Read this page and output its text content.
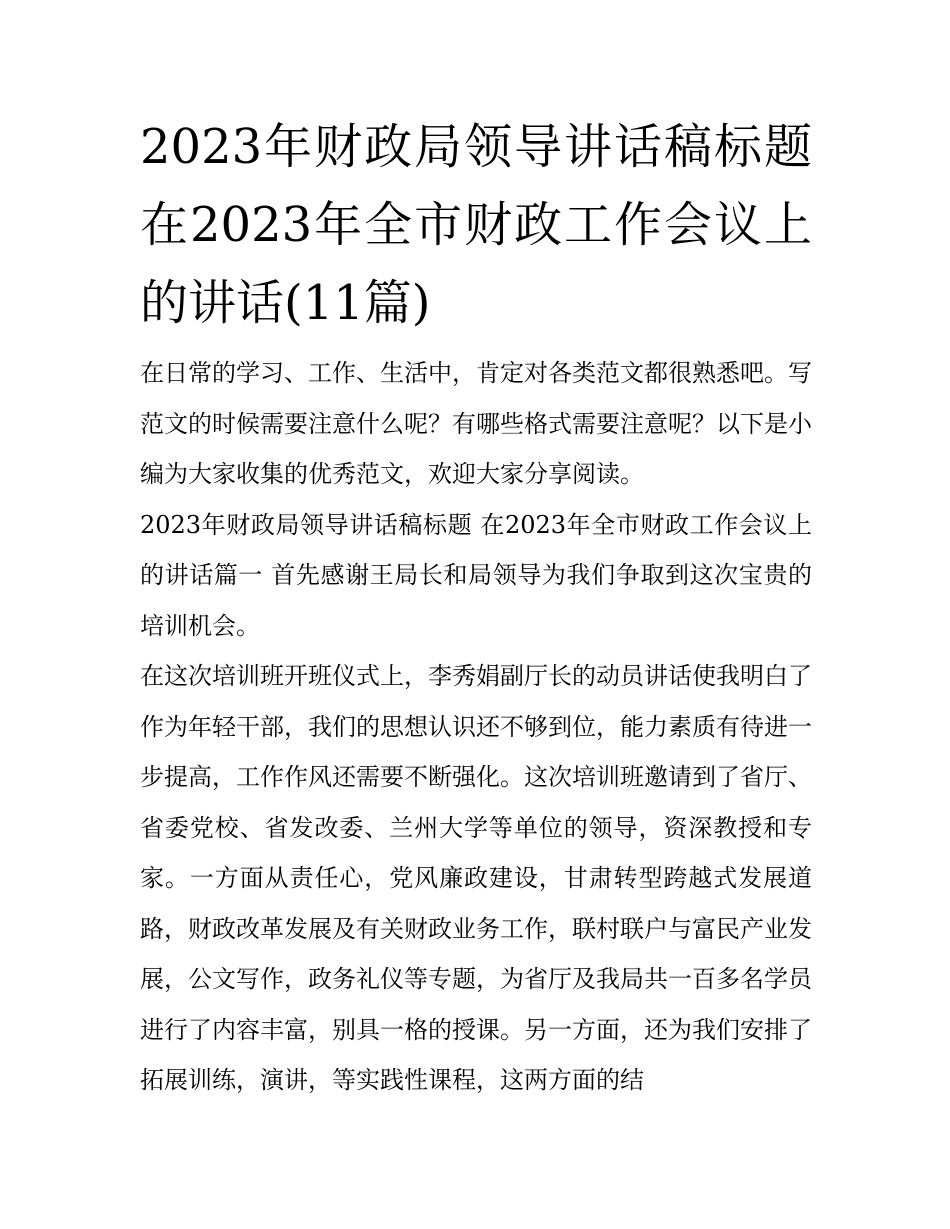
2023年财政局领导讲话稿标题 在2023年全市财政工作会议上的讲话(11篇)

在日常的学习、工作、生活中，肯定对各类范文都很熟悉吧。写范文的时候需要注意什么呢？有哪些格式需要注意呢？以下是小编为大家收集的优秀范文，欢迎大家分享阅读。

2023年财政局领导讲话稿标题 在2023年全市财政工作会议上的讲话篇一 首先感谢王局长和局领导为我们争取到这次宝贵的培训机会。

在这次培训班开班仪式上，李秀娟副厅长的动员讲话使我明白了作为年轻干部，我们的思想认识还不够到位，能力素质有待进一步提高，工作作风还需要不断强化。这次培训班邀请到了省厅、省委党校、省发改委、兰州大学等单位的领导，资深教授和专家。一方面从责任心，党风廉政建设，甘肃转型跨越式发展道路，财政改革发展及有关财政业务工作，联村联户与富民产业发展，公文写作，政务礼仪等专题，为省厅及我局共一百多名学员进行了内容丰富，别具一格的授课。另一方面，还为我们安排了拓展训练，演讲，等实践性课程，这两方面的结
